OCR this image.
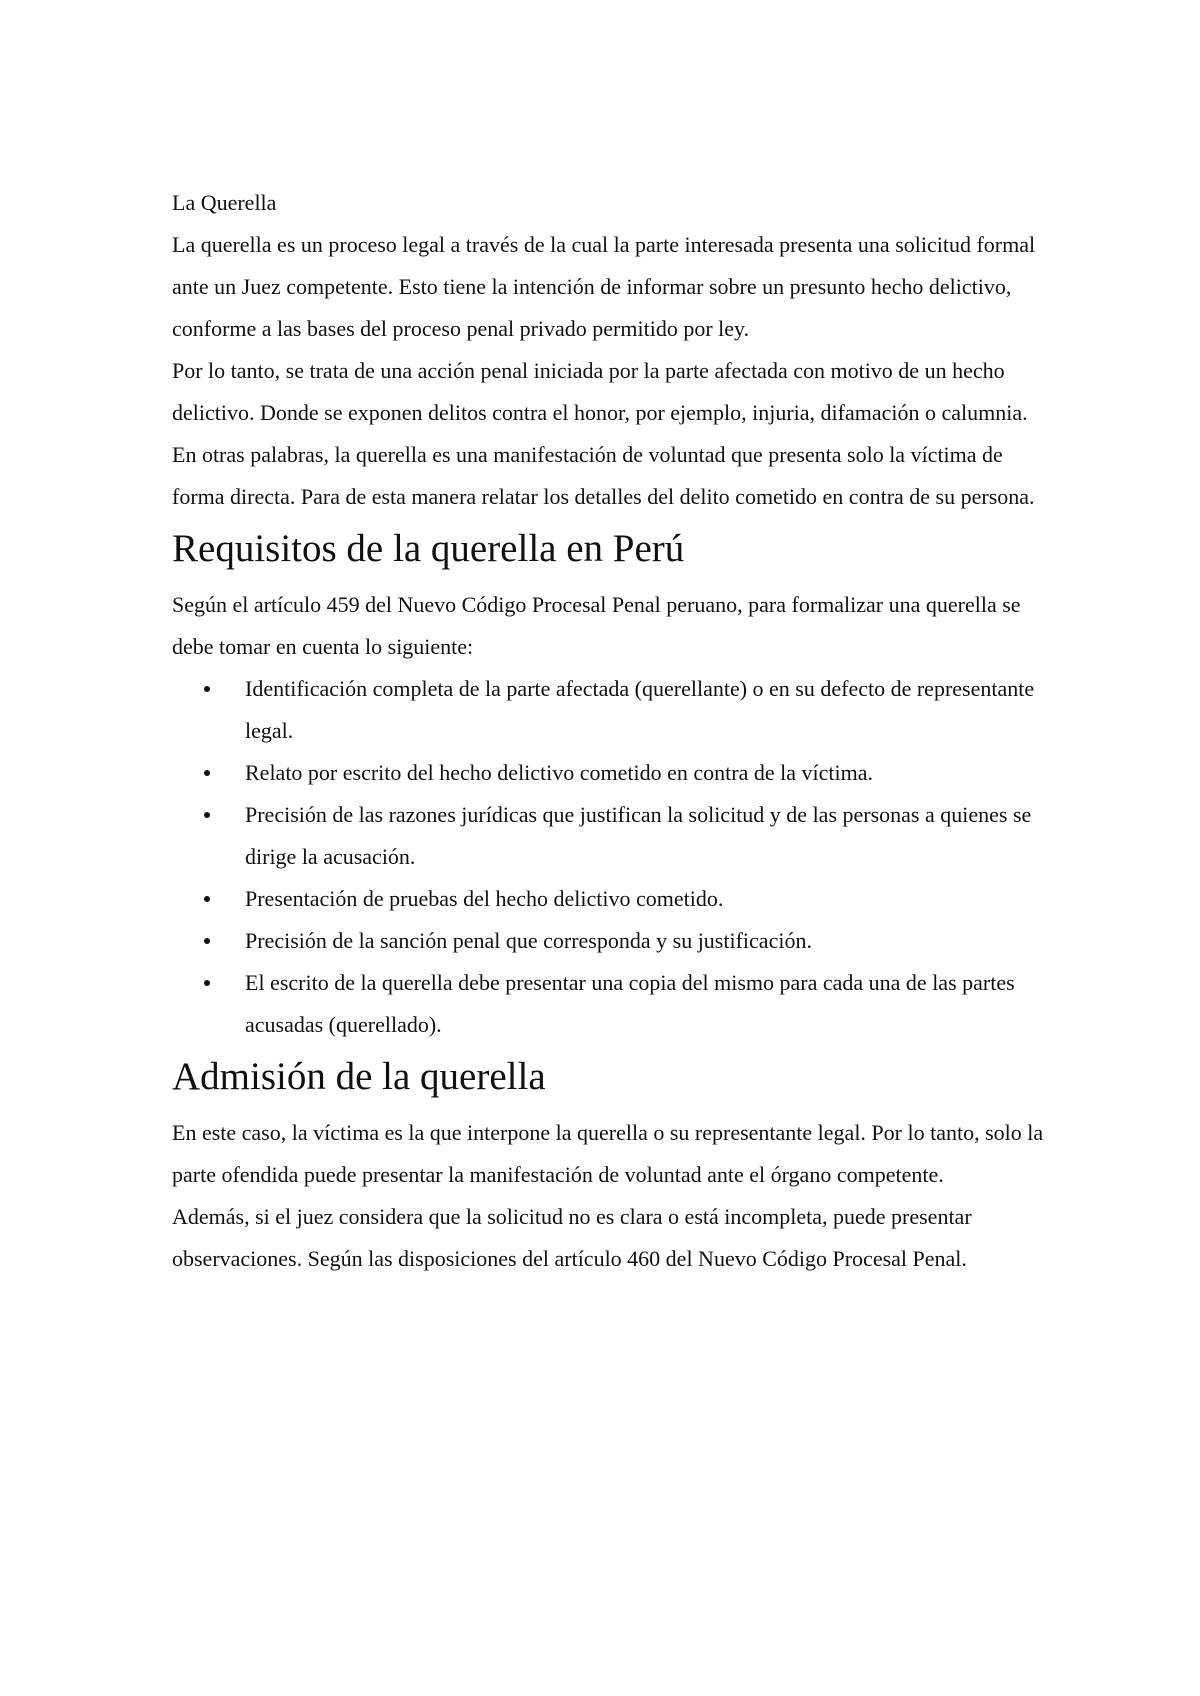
La Querella

La querella es un proceso legal a través de la cual la parte interesada presenta una solicitud formal ante un Juez competente. Esto tiene la intención de informar sobre un presunto hecho delictivo, conforme a las bases del proceso penal privado permitido por ley.

Por lo tanto, se trata de una acción penal iniciada por la parte afectada con motivo de un hecho delictivo. Donde se exponen delitos contra el honor, por ejemplo, injuria, difamación o calumnia.

En otras palabras, la querella es una manifestación de voluntad que presenta solo la víctima de forma directa. Para de esta manera relatar los detalles del delito cometido en contra de su persona.

Requisitos de la querella en Perú

Según el artículo 459 del Nuevo Código Procesal Penal peruano, para formalizar una querella se debe tomar en cuenta lo siguiente:

Identificación completa de la parte afectada (querellante) o en su defecto de representante legal.
Relato por escrito del hecho delictivo cometido en contra de la víctima.
Precisión de las razones jurídicas que justifican la solicitud y de las personas a quienes se dirige la acusación.
Presentación de pruebas del hecho delictivo cometido.
Precisión de la sanción penal que corresponda y su justificación.
El escrito de la querella debe presentar una copia del mismo para cada una de las partes acusadas (querellado).
Admisión de la querella

En este caso, la víctima es la que interpone la querella o su representante legal. Por lo tanto, solo la parte ofendida puede presentar la manifestación de voluntad ante el órgano competente.

Además, si el juez considera que la solicitud no es clara o está incompleta, puede presentar observaciones. Según las disposiciones del artículo 460 del Nuevo Código Procesal Penal.
